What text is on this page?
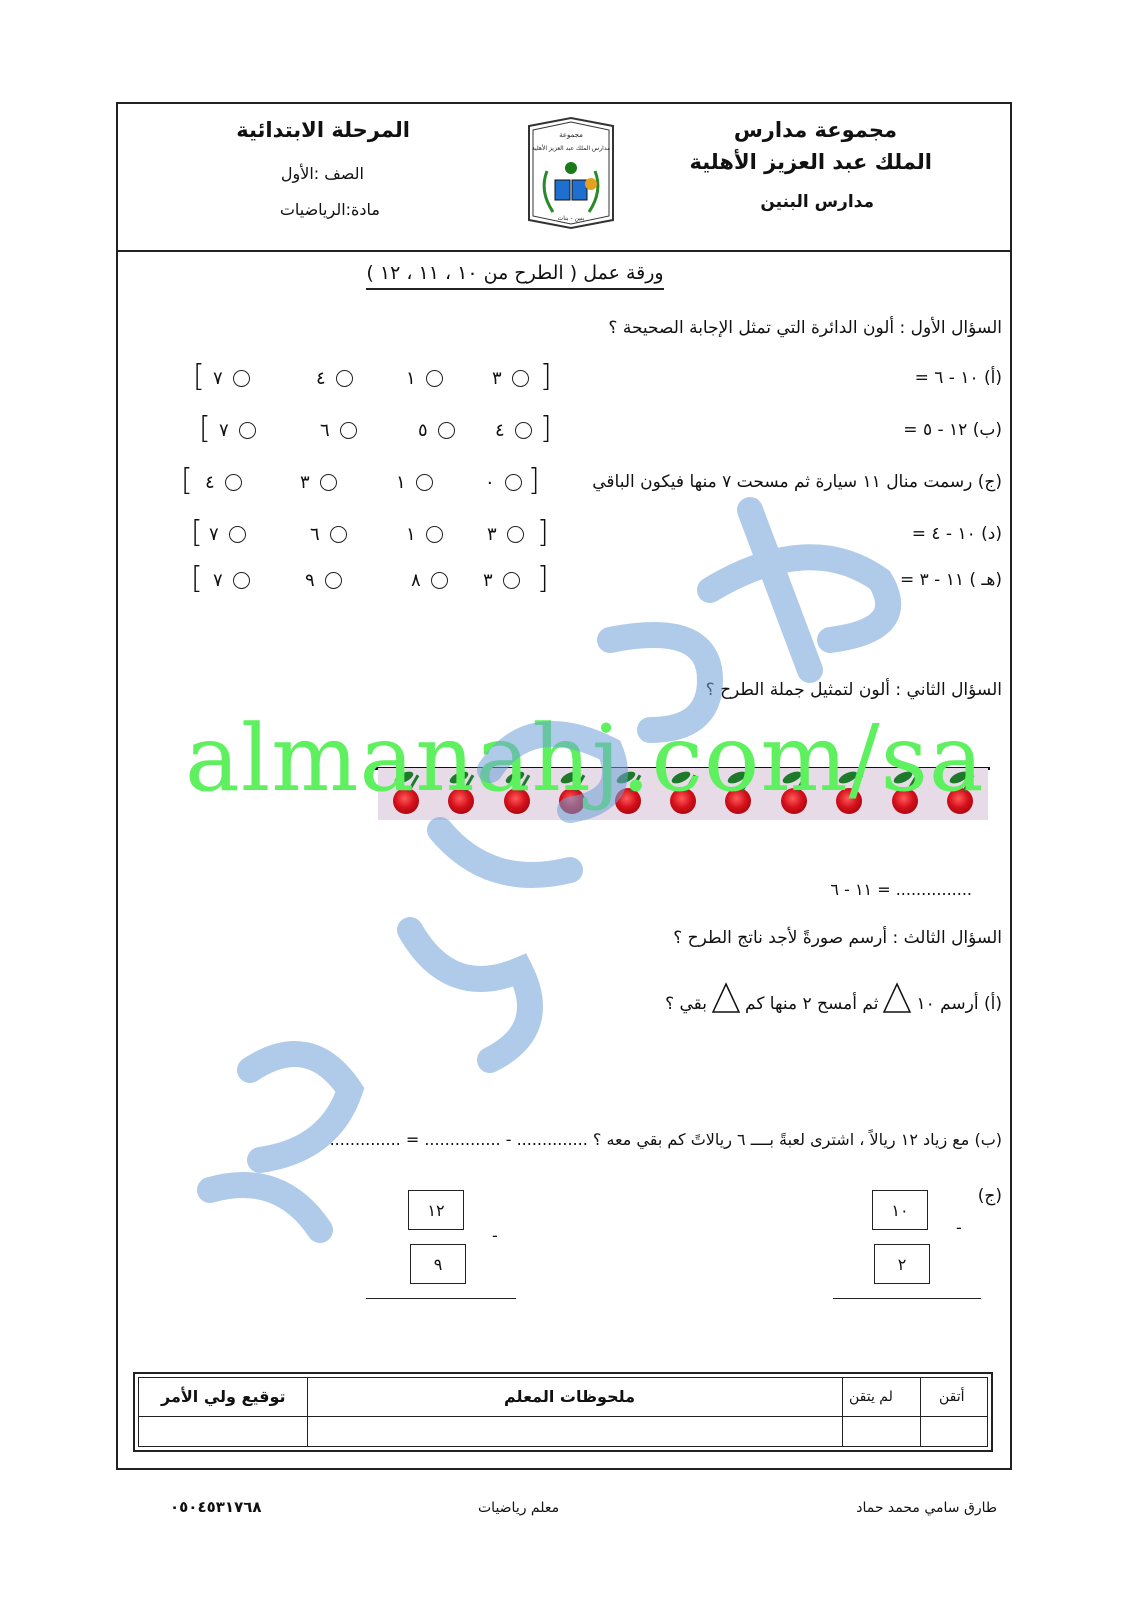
مجموعة مدارس
الملك عبد العزيز الأهلية
مدارس البنين
مجموعة
مدارس الملك عبد العزيز الأهلية
بنين - بنات
المرحلة الابتدائية
الصف :الأول
مادة:الرياضيات
ورقة عمل ( الطرح من ١٠ ، ١١ ، ١٢ )
السؤال الأول : ألون الدائرة التي تمثل الإجابة الصحيحة ؟
(أ) ١٠ - ٦ =
[	]
٧	٤	١	٣
(ب) ١٢ - ٥ =
[	]
٧	٦	٥	٤
(ج) رسمت منال ١١ سيارة ثم مسحت ٧ منها فيكون الباقي
[	]
٤	٣	١	٠
(د) ١٠ - ٤ =
[	]
٧	٦	١	٣
(هـ ) ١١ - ٣ =
[	]
٧	٩	٨	٣
السؤال الثاني : ألون لتمثيل جملة الطرح ؟
almanahj.com/sa
١١ - ٦ = ...............
السؤال الثالث : أرسم صورةً لأجد ناتج الطرح ؟
(أ) أرسم ١٠
ثم أمسح ٢ منها كم
بقي ؟
(ب) مع زياد ١٢ ريالاً ، اشترى لعبةً بــــ ٦ ريالاتً كم بقي معه ؟ .............. - ............... = ..............
(ج)
١٠
-
٢
١٢
-
٩
توقيع ولي الأمر	ملحوظات المعلم	لم يتقن	أتقن
طارق سامي محمد حماد
معلم رياضيات
٠٥٠٤٥٣١٧٦٨
